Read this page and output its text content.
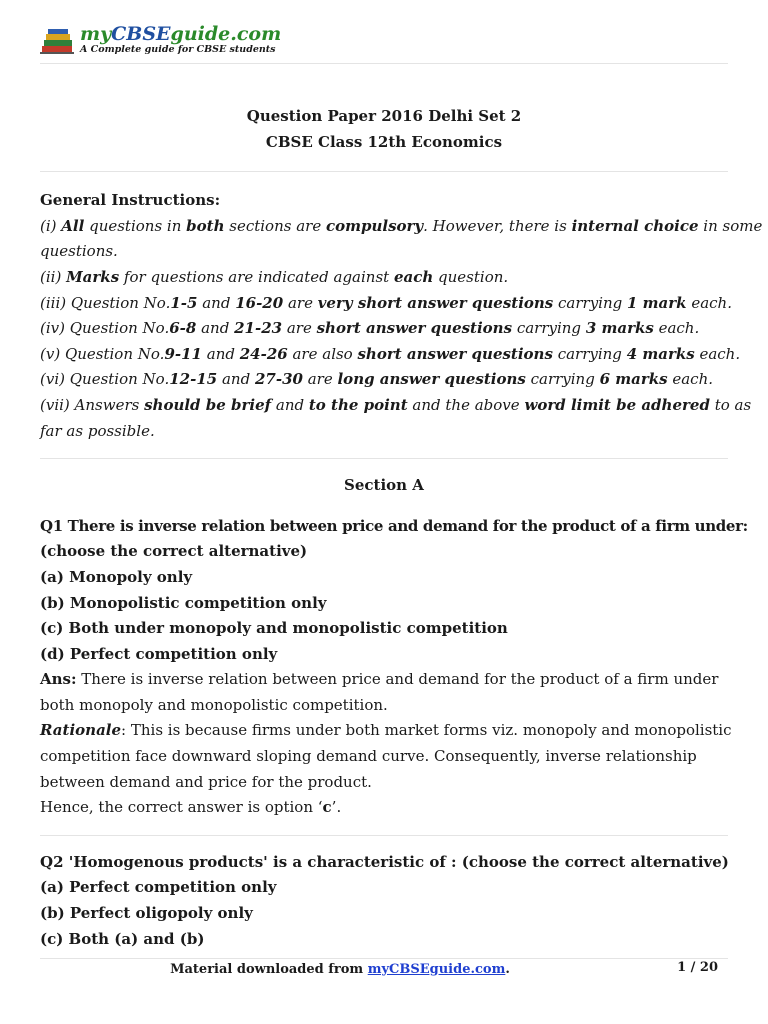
myCBSEguide.com
A Complete guide for CBSE students
Question Paper 2016 Delhi Set 2
CBSE Class 12th Economics
General Instructions:
(i) All questions in both sections are compulsory. However, there is internal choice in some
questions.
(ii) Marks for questions are indicated against each question.
(iii) Question No.1-5 and 16-20 are very short answer questions carrying 1 mark each.
(iv) Question No.6-8 and 21-23 are short answer questions carrying 3 marks each.
(v) Question No.9-11 and 24-26 are also short answer questions carrying 4 marks each.
(vi) Question No.12-15 and 27-30 are long answer questions carrying 6 marks each.
(vii) Answers should be brief and to the point and the above word limit be adhered to as
far as possible.
Section A
Q1 There is inverse relation between price and demand for the product of a firm under:
(choose the correct alternative)
(a) Monopoly only
(b) Monopolistic competition only
(c) Both under monopoly and monopolistic competition
(d) Perfect competition only
Ans: There is inverse relation between price and demand for the product of a firm under
both monopoly and monopolistic competition.
Rationale: This is because firms under both market forms viz. monopoly and monopolistic
competition face downward sloping demand curve. Consequently, inverse relationship
between demand and price for the product.
Hence, the correct answer is option ‘c’.
Q2 'Homogenous products' is a characteristic of : (choose the correct alternative)
(a) Perfect competition only
(b) Perfect oligopoly only
(c) Both (a) and (b)
Material downloaded from myCBSEguide.com.	1 / 20
